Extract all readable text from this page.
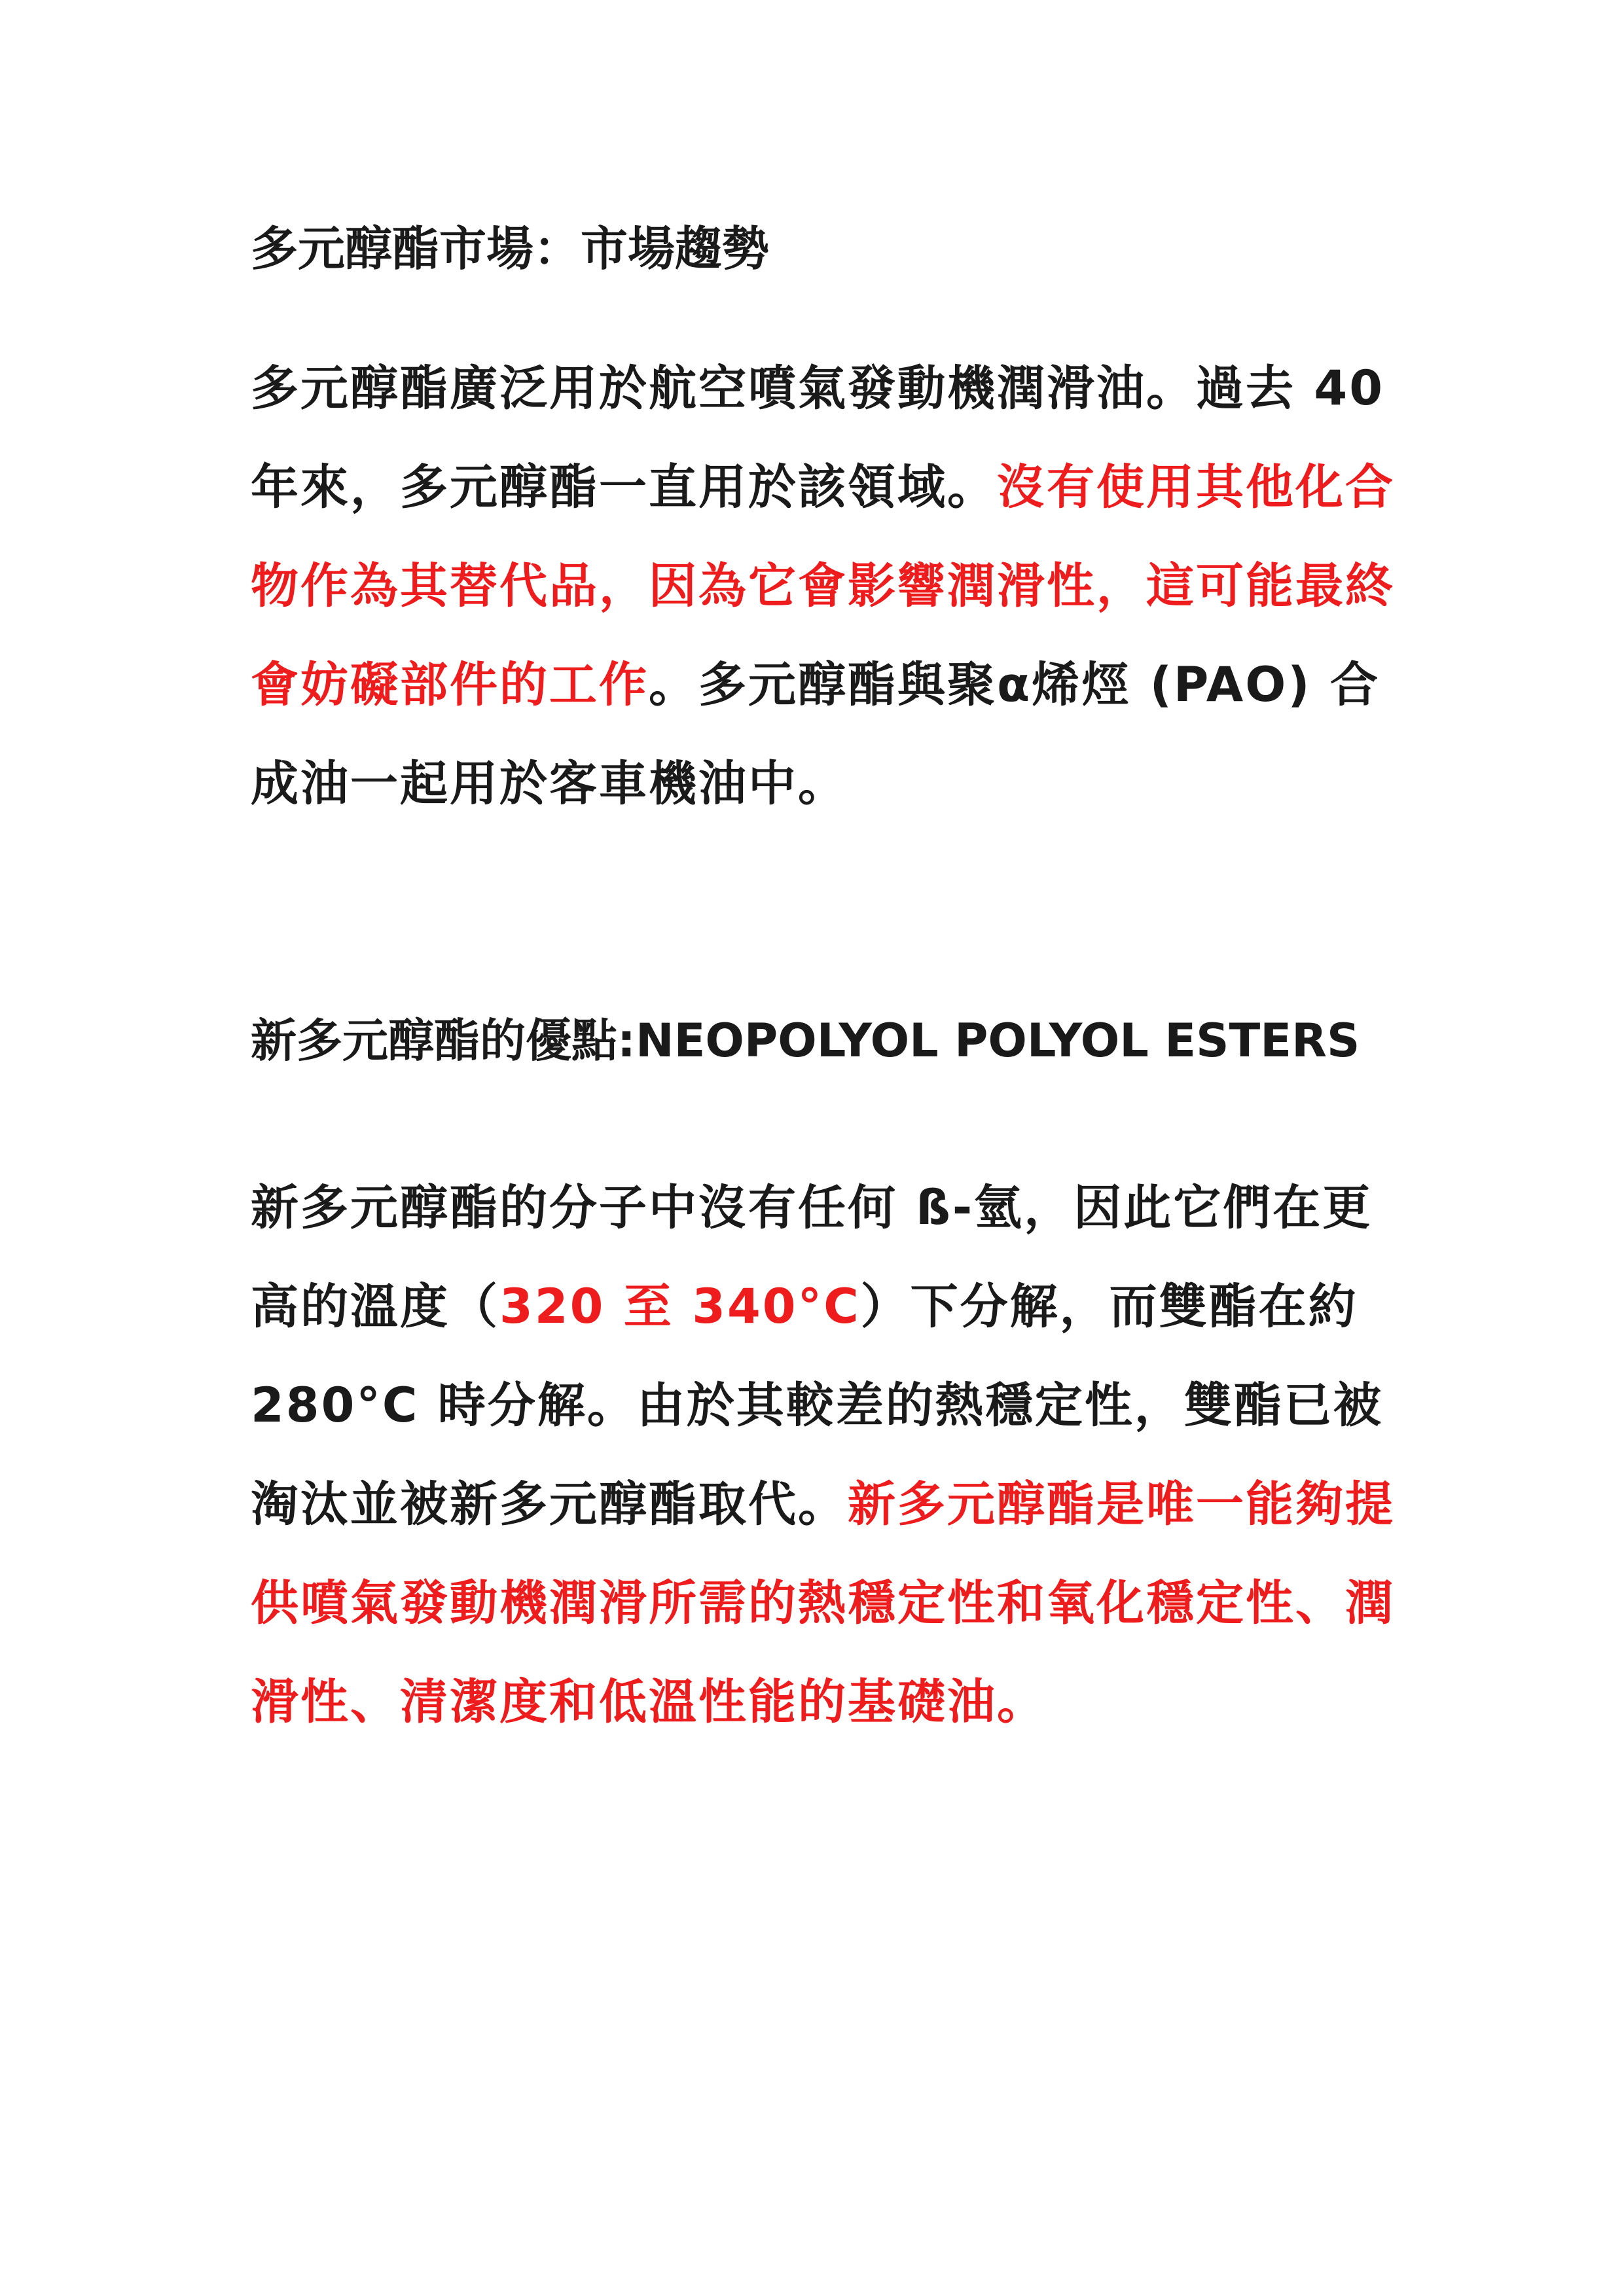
多元醇酯市場：市場趨勢

多元醇酯廣泛用於航空噴氣發動機潤滑油。過去 40 年來，多元醇酯一直用於該領域。沒有使用其他化合物作為其替代品，因為它會影響潤滑性，這可能最終會妨礙部件的工作。多元醇酯與聚α烯烴 (PAO) 合成油一起用於客車機油中。

新多元醇酯的優點:NEOPOLYOL POLYOL ESTERS

新多元醇酯的分子中沒有任何 ß-氫，因此它們在更高的溫度（320 至 340°C）下分解，而雙酯在約 280°C 時分解。由於其較差的熱穩定性，雙酯已被淘汰並被新多元醇酯取代。新多元醇酯是唯一能夠提供噴氣發動機潤滑所需的熱穩定性和氧化穩定性、潤滑性、清潔度和低溫性能的基礎油。
